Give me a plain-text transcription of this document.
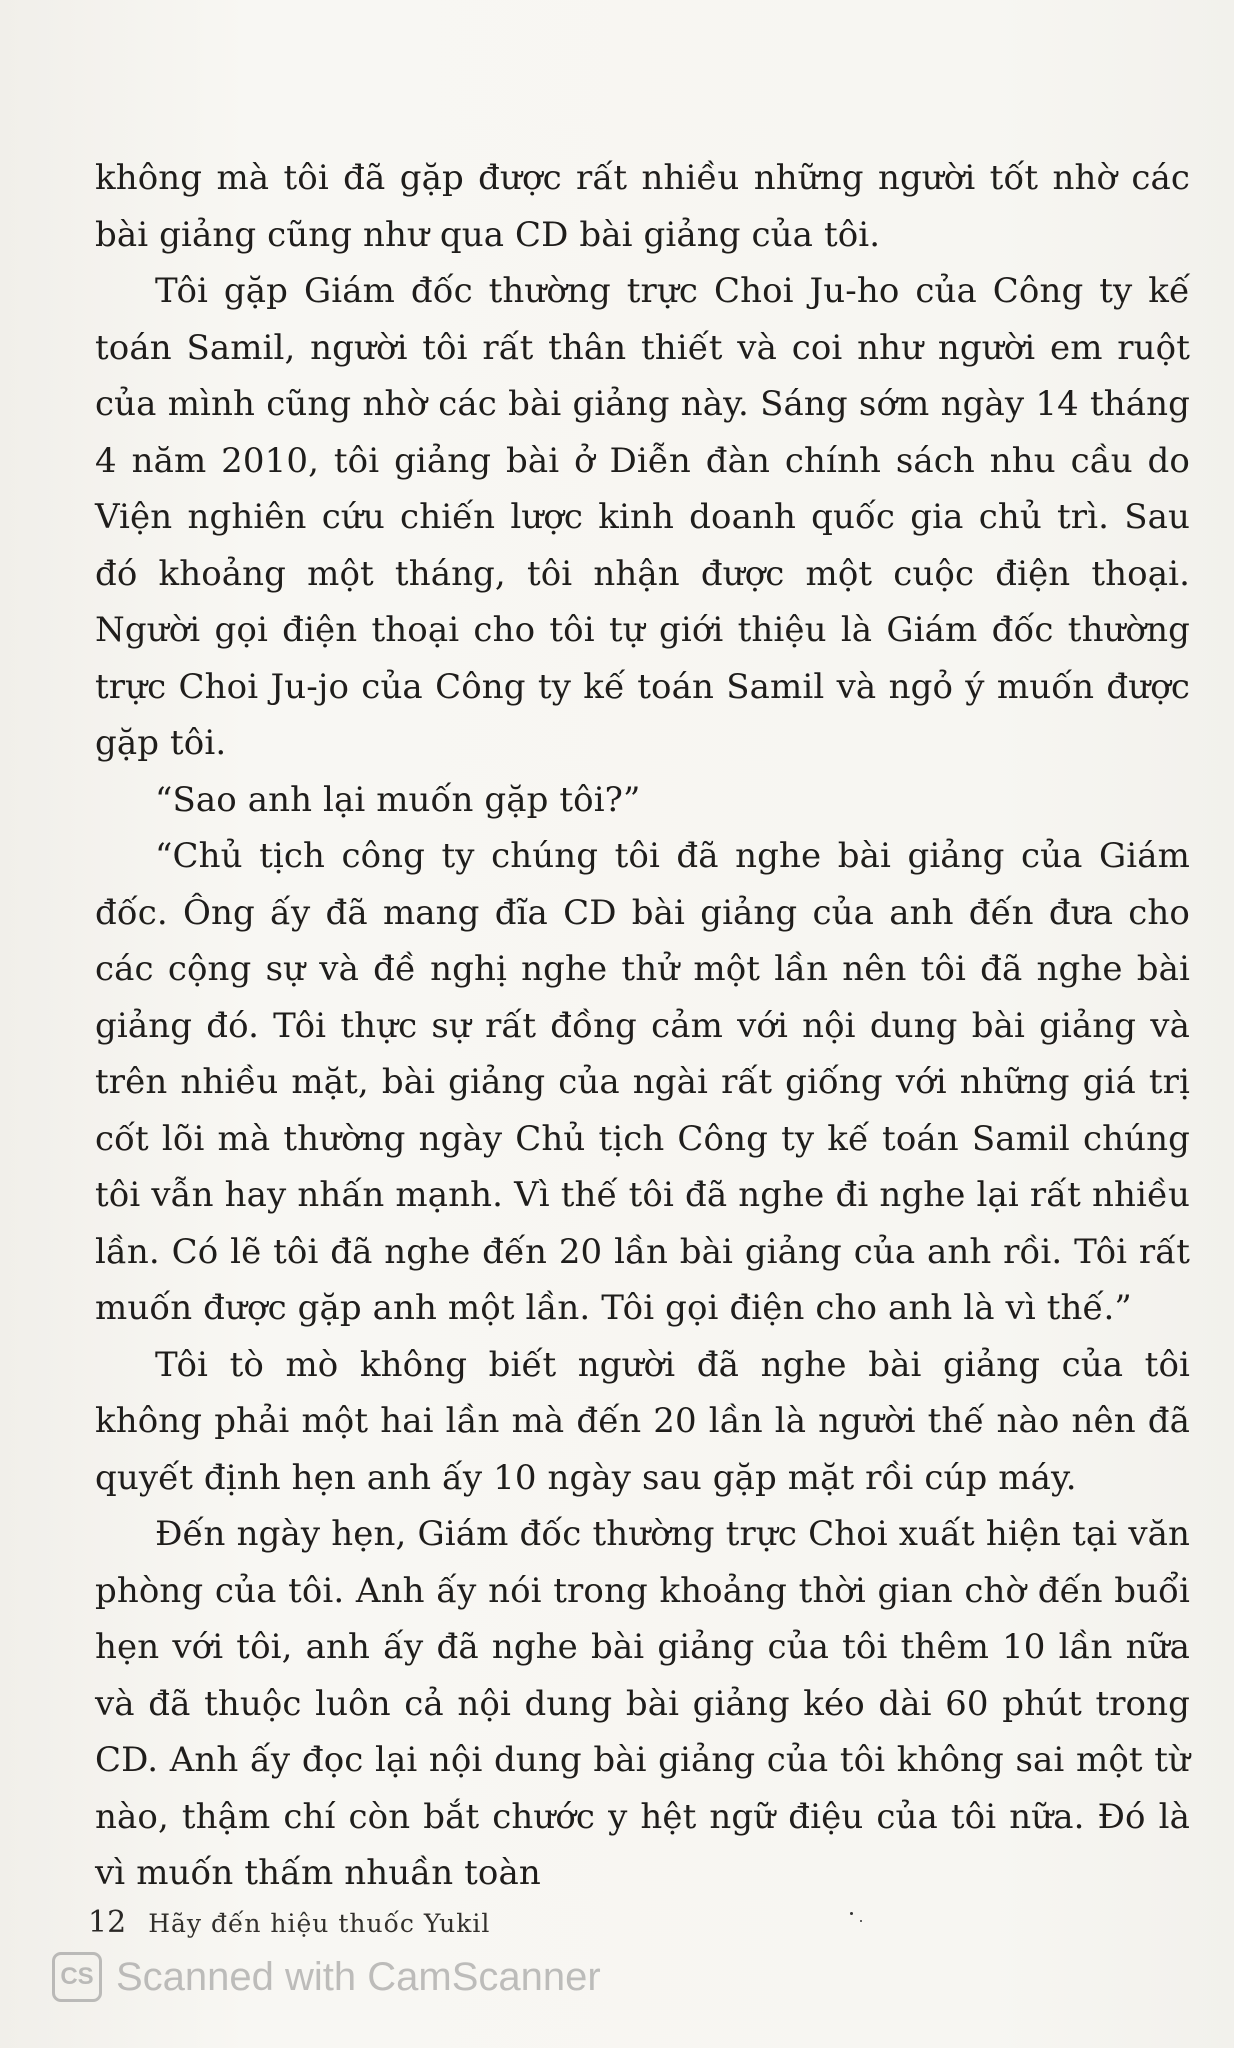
không mà tôi đã gặp được rất nhiều những người tốt nhờ các bài giảng cũng như qua CD bài giảng của tôi.

Tôi gặp Giám đốc thường trực Choi Ju-ho của Công ty kế toán Samil, người tôi rất thân thiết và coi như người em ruột của mình cũng nhờ các bài giảng này. Sáng sớm ngày 14 tháng 4 năm 2010, tôi giảng bài ở Diễn đàn chính sách nhu cầu do Viện nghiên cứu chiến lược kinh doanh quốc gia chủ trì. Sau đó khoảng một tháng, tôi nhận được một cuộc điện thoại. Người gọi điện thoại cho tôi tự giới thiệu là Giám đốc thường trực Choi Ju-jo của Công ty kế toán Samil và ngỏ ý muốn được gặp tôi.

“Sao anh lại muốn gặp tôi?”

“Chủ tịch công ty chúng tôi đã nghe bài giảng của Giám đốc. Ông ấy đã mang đĩa CD bài giảng của anh đến đưa cho các cộng sự và đề nghị nghe thử một lần nên tôi đã nghe bài giảng đó. Tôi thực sự rất đồng cảm với nội dung bài giảng và trên nhiều mặt, bài giảng của ngài rất giống với những giá trị cốt lõi mà thường ngày Chủ tịch Công ty kế toán Samil chúng tôi vẫn hay nhấn mạnh. Vì thế tôi đã nghe đi nghe lại rất nhiều lần. Có lẽ tôi đã nghe đến 20 lần bài giảng của anh rồi. Tôi rất muốn được gặp anh một lần. Tôi gọi điện cho anh là vì thế.”

Tôi tò mò không biết người đã nghe bài giảng của tôi không phải một hai lần mà đến 20 lần là người thế nào nên đã quyết định hẹn anh ấy 10 ngày sau gặp mặt rồi cúp máy.

Đến ngày hẹn, Giám đốc thường trực Choi xuất hiện tại văn phòng của tôi. Anh ấy nói trong khoảng thời gian chờ đến buổi hẹn với tôi, anh ấy đã nghe bài giảng của tôi thêm 10 lần nữa và đã thuộc luôn cả nội dung bài giảng kéo dài 60 phút trong CD. Anh ấy đọc lại nội dung bài giảng của tôi không sai một từ nào, thậm chí còn bắt chước y hệt ngữ điệu của tôi nữa. Đó là vì muốn thấm nhuần toàn

12 Hãy đến hiệu thuốc Yukil
CS Scanned with CamScanner
